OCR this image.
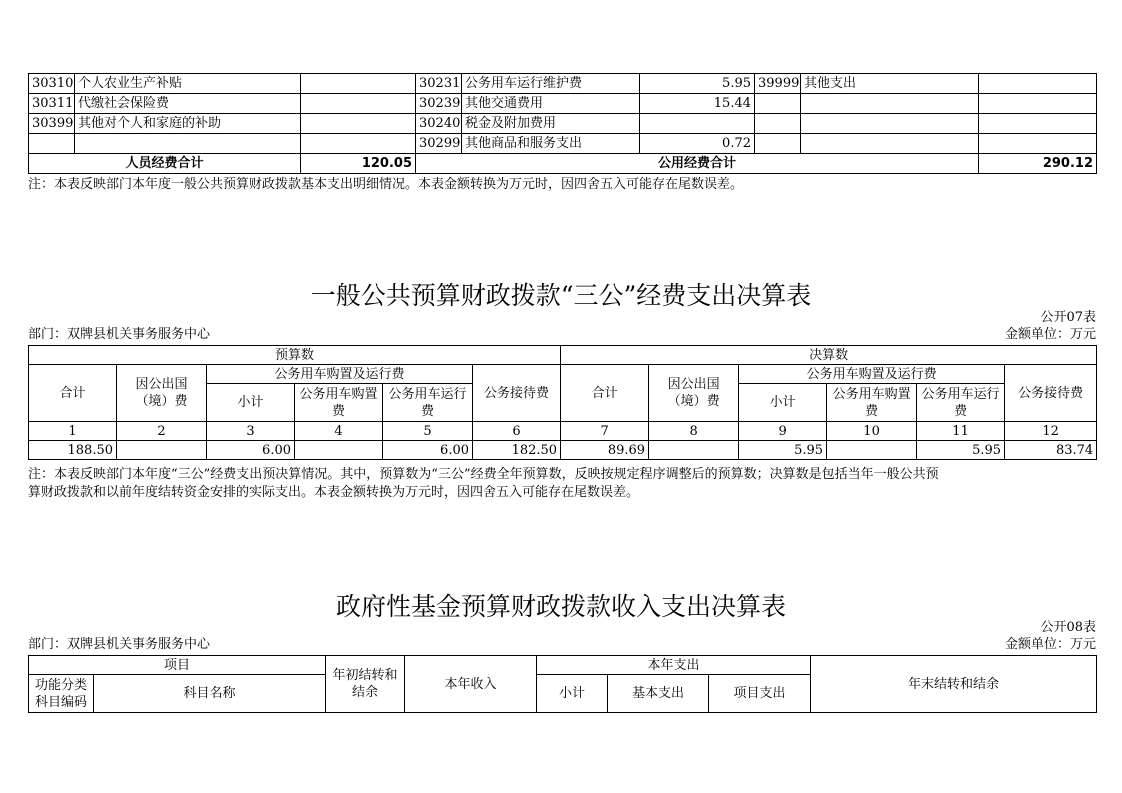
30310	个人农业生产补贴		30231	公务用车运行维护费	5.95	39999	其他支出	
30311	代缴社会保险费		30239	其他交通费用	15.44			
30399	其他对个人和家庭的补助		30240	税金及附加费用				
			30299	其他商品和服务支出	0.72			
人员经费合计		120.05	公用经费合计					290.12
注：本表反映部门本年度一般公共预算财政拨款基本支出明细情况。本表金额转换为万元时，因四舍五入可能存在尾数误差。
一般公共预算财政拨款“三公”经费支出决算表
公开07表
部门：双牌县机关事务服务中心	金额单位：万元
预算数						决算数					
合计	因公出国（境）费	公务用车购置及运行费			公务接待费	合计	因公出国（境）费	公务用车购置及运行费			公务接待费
		小计	公务用车购置费	公务用车运行费				小计	公务用车购置费	公务用车运行费	
1	2	3	4	5	6	7	8	9	10	11	12
188.50		6.00		6.00	182.50	89.69		5.95		5.95	83.74
注：本表反映部门本年度“三公”经费支出预决算情况。其中，预算数为“三公”经费全年预算数，反映按规定程序调整后的预算数；决算数是包括当年一般公共预
算财政拨款和以前年度结转资金安排的实际支出。本表金额转换为万元时，因四舍五入可能存在尾数误差。
政府性基金预算财政拨款收入支出决算表
公开08表
部门：双牌县机关事务服务中心	金额单位：万元
项目		年初结转和结余	本年收入	本年支出			年末结转和结余
功能分类科目编码	科目名称			小计	基本支出	项目支出	
